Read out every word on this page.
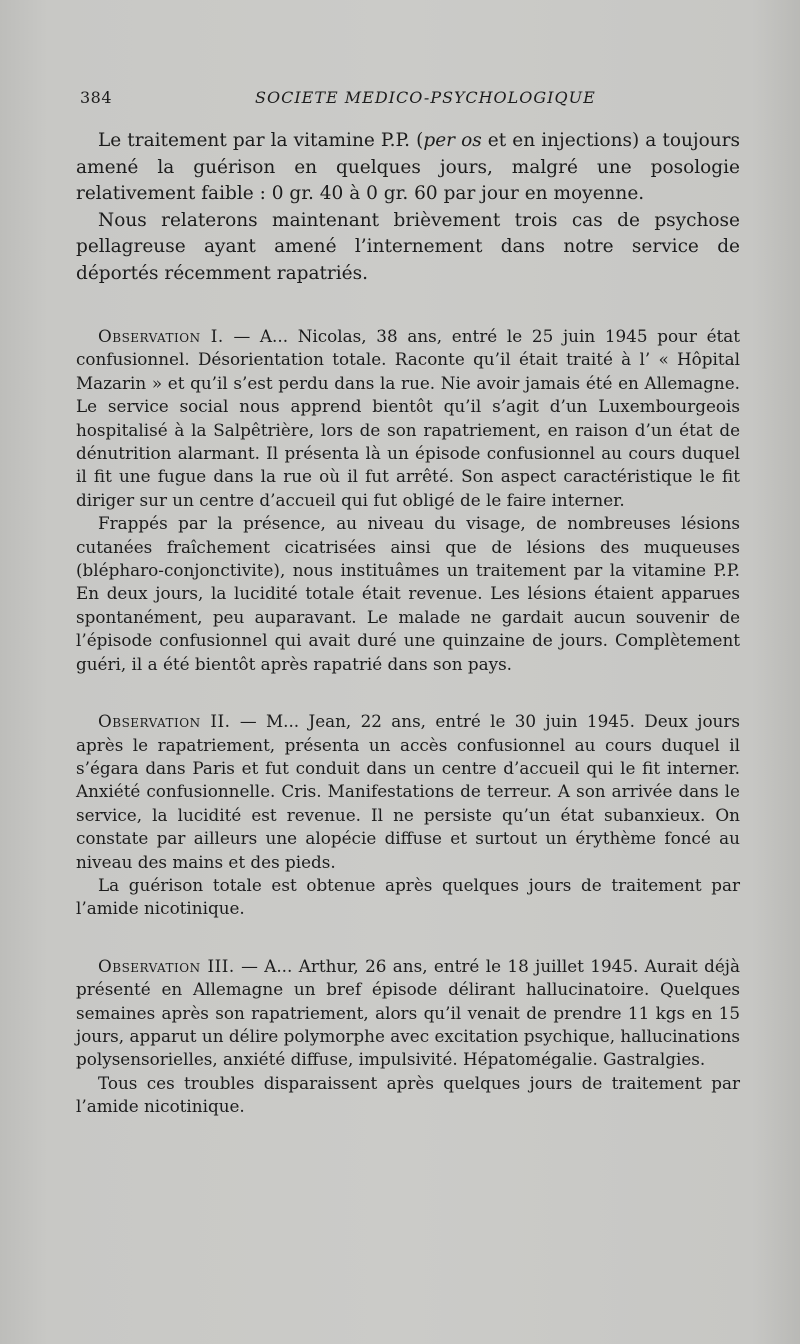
384	SOCIETE MEDICO-PSYCHOLOGIQUE

Le traitement par la vitamine P.P. (per os et en injections) a toujours amené la guérison en quelques jours, malgré une posologie relativement faible : 0 gr. 40 à 0 gr. 60 par jour en moyenne.

Nous relaterons maintenant brièvement trois cas de psychose pellagreuse ayant amené l’internement dans notre service de déportés récemment rapatriés.

Observation I. — A... Nicolas, 38 ans, entré le 25 juin 1945 pour état confusionnel. Désorientation totale. Raconte qu’il était traité à l’ « Hôpital Mazarin » et qu’il s’est perdu dans la rue. Nie avoir jamais été en Allemagne. Le service social nous apprend bientôt qu’il s’agit d’un Luxembourgeois hospitalisé à la Salpêtrière, lors de son rapatriement, en raison d’un état de dénutrition alarmant. Il présenta là un épisode confusionnel au cours duquel il fit une fugue dans la rue où il fut arrêté. Son aspect caractéristique le fit diriger sur un centre d’accueil qui fut obligé de le faire interner.

Frappés par la présence, au niveau du visage, de nombreuses lésions cutanées fraîchement cicatrisées ainsi que de lésions des muqueuses (blépharo-conjonctivite), nous instituâmes un traitement par la vitamine P.P. En deux jours, la lucidité totale était revenue. Les lésions étaient apparues spontanément, peu auparavant. Le malade ne gardait aucun souvenir de l’épisode confusionnel qui avait duré une quinzaine de jours. Complètement guéri, il a été bientôt après rapatrié dans son pays.

Observation II. — M... Jean, 22 ans, entré le 30 juin 1945. Deux jours après le rapatriement, présenta un accès confusionnel au cours duquel il s’égara dans Paris et fut conduit dans un centre d’accueil qui le fit interner. Anxiété confusionnelle. Cris. Manifestations de terreur. A son arrivée dans le service, la lucidité est revenue. Il ne persiste qu’un état subanxieux. On constate par ailleurs une alopécie diffuse et surtout un érythème foncé au niveau des mains et des pieds.

La guérison totale est obtenue après quelques jours de traitement par l’amide nicotinique.

Observation III. — A... Arthur, 26 ans, entré le 18 juillet 1945. Aurait déjà présenté en Allemagne un bref épisode délirant hallucinatoire. Quelques semaines après son rapatriement, alors qu’il venait de prendre 11 kgs en 15 jours, apparut un délire polymorphe avec excitation psychique, hallucinations polysensorielles, anxiété diffuse, impulsivité. Hépatomégalie. Gastralgies.

Tous ces troubles disparaissent après quelques jours de traitement par l’amide nicotinique.
